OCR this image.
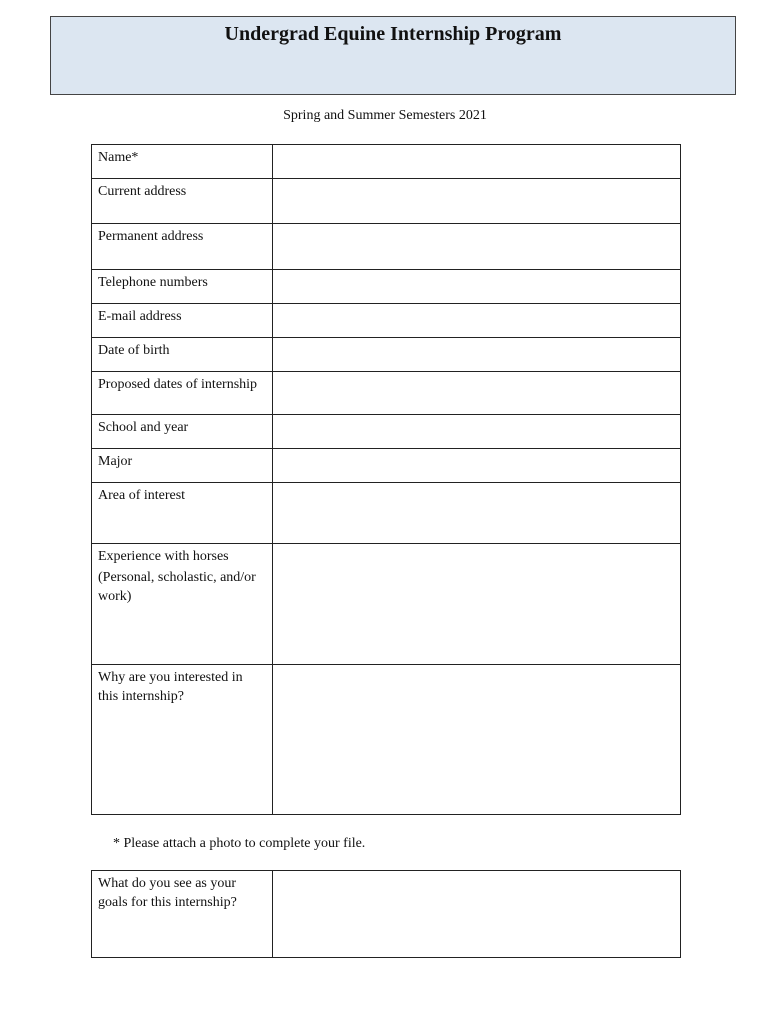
Undergrad Equine Internship Program
Spring and Summer Semesters 2021
Name*	

Current address	

Permanent address	

Telephone numbers	

E-mail address	

Date of birth	

Proposed dates of internship	

School and year	

Major	

Area of interest	

Experience with horses
(Personal, scholastic, and/or work)

Why are you interested in this internship?	
* Please attach a photo to complete your file.
What do you see as your goals for this internship?	
